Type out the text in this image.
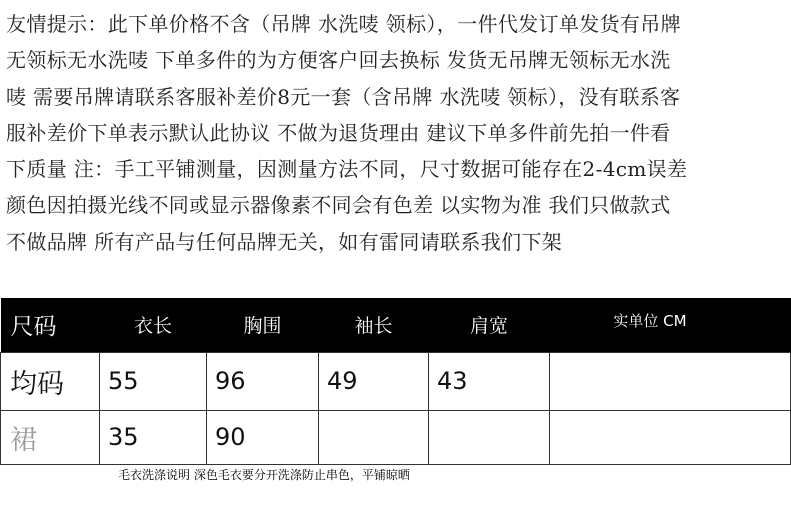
友情提示：此下单价格不含（吊牌 水洗唛 领标），一件代发订单发货有吊牌
无领标无水洗唛 下单多件的为方便客户回去换标 发货无吊牌无领标无水洗
唛 需要吊牌请联系客服补差价8元一套（含吊牌 水洗唛 领标），没有联系客
服补差价下单表示默认此协议 不做为退货理由 建议下单多件前先拍一件看
下质量 注：手工平铺测量，因测量方法不同，尺寸数据可能存在2-4cm误差
颜色因拍摄光线不同或显示器像素不同会有色差 以实物为准 我们只做款式
不做品牌 所有产品与任何品牌无关，如有雷同请联系我们下架

尺码	衣长	胸围	袖长	肩宽	实单位 CM
均码	55	96	49	43	
裙	35	90			
毛衣洗涤说明 深色毛衣要分开洗涤防止串色，平铺晾晒
